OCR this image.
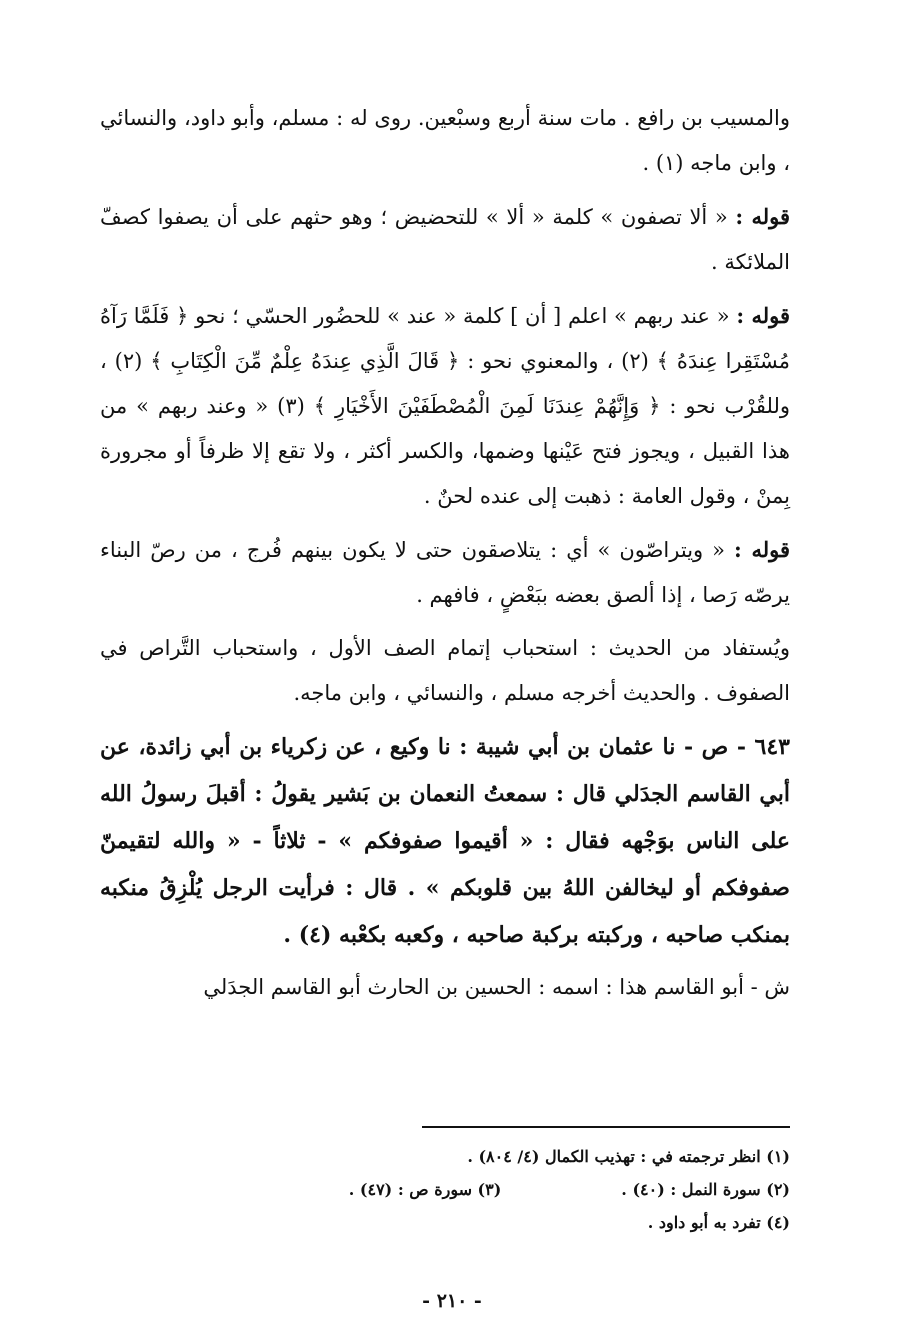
والمسيب بن رافع . مات سنة أربع وسبْعين. روى له : مسلم، وأبو داود، والنسائي ، وابن ماجه (١) .

قوله : « ألا تصفون » كلمة « ألا » للتحضيض ؛ وهو حثهم على أن يصفوا كصفّ الملائكة .

قوله : « عند ربهم » اعلم [ أن ] كلمة « عند » للحضُور الحسّي ؛ نحو ﴿ فَلَمَّا رَآهُ مُسْتَقِرا عِندَهُ ﴾ (٢) ، والمعنوي نحو : ﴿ قَالَ الَّذِي عِندَهُ عِلْمٌ مِّنَ الْكِتَابِ ﴾ (٢) ، وللقُرْب نحو : ﴿ وَإِنَّهُمْ عِندَنَا لَمِنَ الْمُصْطَفَيْنَ الأَخْيَارِ ﴾ (٣) « وعند ربهم » من هذا القبيل ، ويجوز فتح عَيْنها وضمها، والكسر أكثر ، ولا تقع إلا ظرفاً أو مجرورة بِمنْ ، وقول العامة : ذهبت إلى عنده لحنٌ .

قوله : « ويتراصّون » أي : يتلاصقون حتى لا يكون بينهم فُرج ، من رصّ البناء يرصّه رَصا ، إذا ألصق بعضه ببَعْضٍ ، فافهم .

ويُستفاد من الحديث : استحباب إتمام الصف الأول ، واستحباب التَّراص في الصفوف . والحديث أخرجه مسلم ، والنسائي ، وابن ماجه.

٦٤٣ - ص - نا عثمان بن أبي شيبة : نا وكيع ، عن زكرياء بن أبي زائدة، عن أبي القاسم الجدَلي قال : سمعتُ النعمان بن بَشير يقولُ : أقبلَ رسولُ الله على الناس بوَجْهه فقال : « أقيموا صفوفكم » - ثلاثاً - « والله لتقيمنّ صفوفكم أو ليخالفن اللهُ بين قلوبكم » . قال : فرأيت الرجل يُلْزِقُ منكبه بمنكب صاحبه ، وركبته بركبة صاحبه ، وكعبه بكعْبه (٤) .

ش - أبو القاسم هذا : اسمه : الحسين بن الحارث أبو القاسم الجدَلي

(١) انظر ترجمته في : تهذيب الكمال (٤/ ٨٠٤) .
(٢) سورة النمل : (٤٠) .
(٣) سورة ص : (٤٧) .
(٤) تفرد به أبو داود .
- ٢١٠ -
